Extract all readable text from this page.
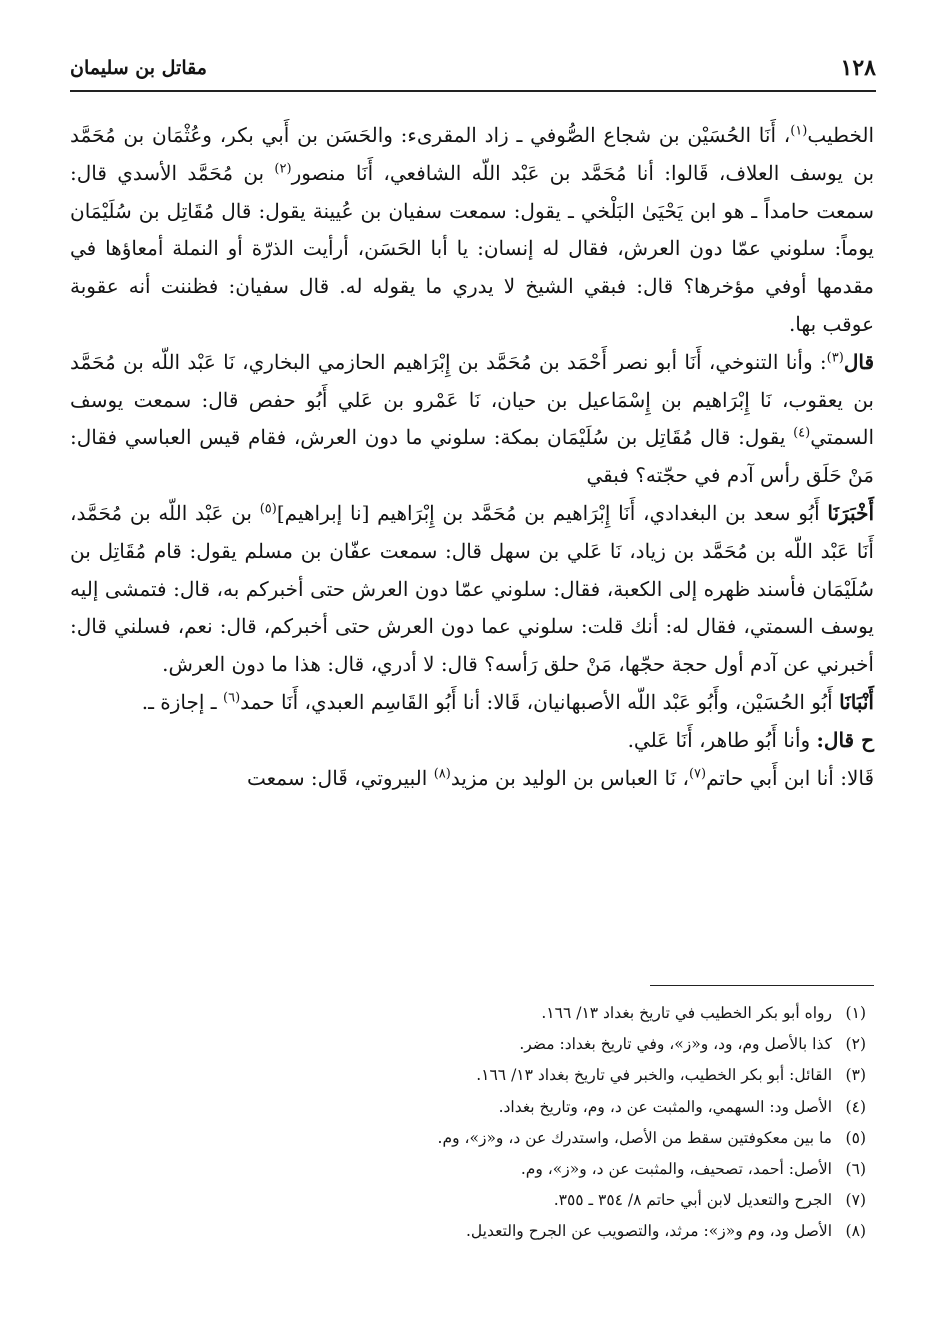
١٢٨
مقاتل بن سليمان

الخطيب$^{(١)}$، أَنَا الحُسَيْن بن شجاع الصُّوفي ـ زاد المقرىء: والحَسَن بن أَبي بكر، وعُثْمَان بن مُحَمَّد بن يوسف العلاف، قَالوا: أنا مُحَمَّد بن عَبْد اللّه الشافعي، أَنَا منصور$^{(٢)}$ بن مُحَمَّد الأسدي قال: سمعت حامداً ـ هو ابن يَحْيَىٰ البَلْخي ـ يقول: سمعت سفيان بن عُيينة يقول: قال مُقَاتِل بن سُلَيْمَان يوماً: سلوني عمّا دون العرش، فقال له إنسان: يا أبا الحَسَن، أرأيت الذرّة أو النملة أمعاؤها في مقدمها أوفي مؤخرها؟ قال: فبقي الشيخ لا يدري ما يقوله له. قال سفيان: فظننت أنه عقوبة عوقب بها.

قال$^{(٣)}$: وأنا التنوخي، أَنَا أبو نصر أَحْمَد بن مُحَمَّد بن إِبْرَاهيم الحازمي البخاري، نَا عَبْد اللّه بن مُحَمَّد بن يعقوب، نَا إِبْرَاهيم بن إِسْمَاعيل بن حيان، نَا عَمْرو بن عَلي أَبُو حفص قال: سمعت يوسف السمتي$^{(٤)}$ يقول: قال مُقَاتِل بن سُلَيْمَان بمكة: سلوني ما دون العرش، فقام قيس العباسي فقال: مَنْ حَلَق رأس آدم في حجّته؟ فبقي

أَخْبَرَنَا أَبُو سعد بن البغدادي، أَنَا إِبْرَاهيم بن مُحَمَّد بن إِبْرَاهيم [نا إبراهيم]$^{(٥)}$ بن عَبْد اللّه بن مُحَمَّد، أَنَا عَبْد اللّه بن مُحَمَّد بن زياد، نَا عَلي بن سهل قال: سمعت عفّان بن مسلم يقول: قام مُقَاتِل بن سُلَيْمَان فأسند ظهره إلى الكعبة، فقال: سلوني عمّا دون العرش حتى أخبركم به، قال: فتمشى إليه يوسف السمتي، فقال له: أنك قلت: سلوني عما دون العرش حتى أخبركم، قال: نعم، فسلني قال: أخبرني عن آدم أول حجة حجّها، مَنْ حلق رَأسه؟ قال: لا أدري، قال: هذا ما دون العرش.

أَنْبَانَا أَبُو الحُسَيْن، وأَبُو عَبْد اللّه الأصبهانيان، قَالا: أنا أَبُو القَاسِم العبدي، أَنَا حمد$^{(٦)}$ ـ إجازة ـ.

ح قال: وأنا أَبُو طاهر، أَنَا عَلي.

قَالا: أنا ابن أَبي حاتم$^{(٧)}$، نَا العباس بن الوليد بن مزيد$^{(٨)}$ البيروتي، قَال: سمعت

(١)
رواه أبو بكر الخطيب في تاريخ بغداد ١٣/ ١٦٦.
(٢)
كذا بالأصل وم، ود، و«ز»، وفي تاريخ بغداد: مضر.
(٣)
القائل: أبو بكر الخطيب، والخبر في تاريخ بغداد ١٣/ ١٦٦.
(٤)
الأصل ود: السهمي، والمثبت عن د، وم، وتاريخ بغداد.
(٥)
ما بين معكوفتين سقط من الأصل، واستدرك عن د، و«ز»، وم.
(٦)
الأصل: أحمد، تصحيف، والمثبت عن د، و«ز»، وم.
(٧)
الجرح والتعديل لابن أبي حاتم ٨/ ٣٥٤ ـ ٣٥٥.
(٨)
الأصل ود، وم و«ز»: مرثد، والتصويب عن الجرح والتعديل.
